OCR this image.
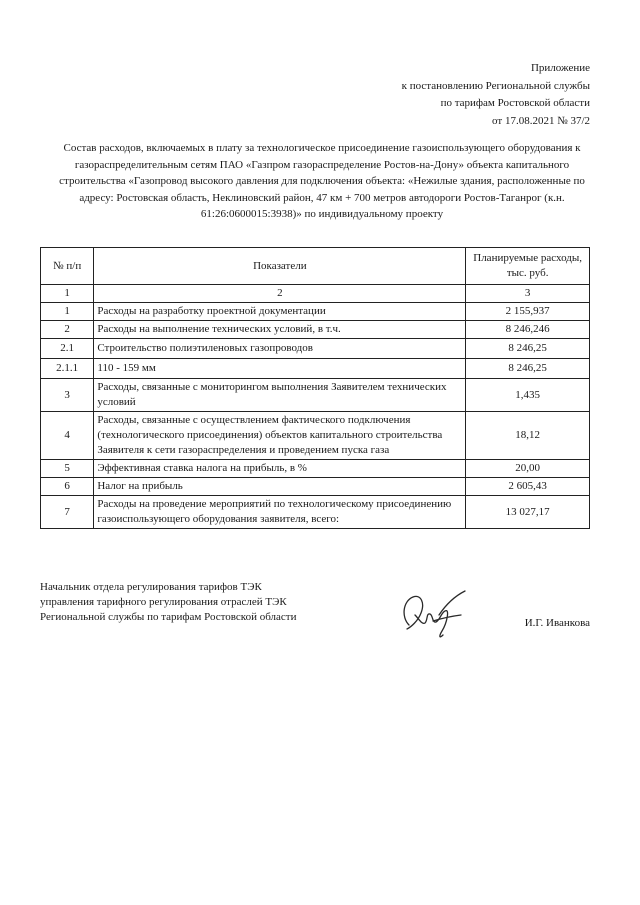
Приложение
к постановлению Региональной службы
по тарифам Ростовской области
от 17.08.2021 № 37/2
Состав расходов, включаемых в плату за технологическое присоединение газоиспользующего оборудования к газораспределительным сетям ПАО «Газпром газораспределение Ростов-на-Дону» объекта капитального строительства «Газопровод высокого давления для подключения объекта: «Нежилые здания, расположенные по адресу: Ростовская область, Неклиновский район, 47 км + 700 метров автодороги Ростов-Таганрог (к.н. 61:26:0600015:3938)» по индивидуальному проекту
№ п/п	Показатели	Планируемые расходы, тыс. руб.
1	2	3
1	Расходы на разработку проектной документации	2 155,937
2	Расходы на выполнение технических условий, в т.ч.	8 246,246
2.1	Строительство полиэтиленовых газопроводов	8 246,25
2.1.1	110 - 159 мм	8 246,25
3	Расходы, связанные с мониторингом выполнения Заявителем технических условий	1,435
4	Расходы, связанные с осуществлением фактического подключения (технологического присоединения) объектов капитального строительства Заявителя к сети газораспределения и проведением пуска газа	18,12
5	Эффективная ставка налога на прибыль, в %	20,00
6	Налог на прибыль	2 605,43
7	Расходы на проведение мероприятий по технологическому присоединению газоиспользующего оборудования заявителя, всего:	13 027,17
Начальник отдела регулирования тарифов ТЭК
управления тарифного регулирования отраслей ТЭК
Региональной службы по тарифам Ростовской области	И.Г. Иванкова
